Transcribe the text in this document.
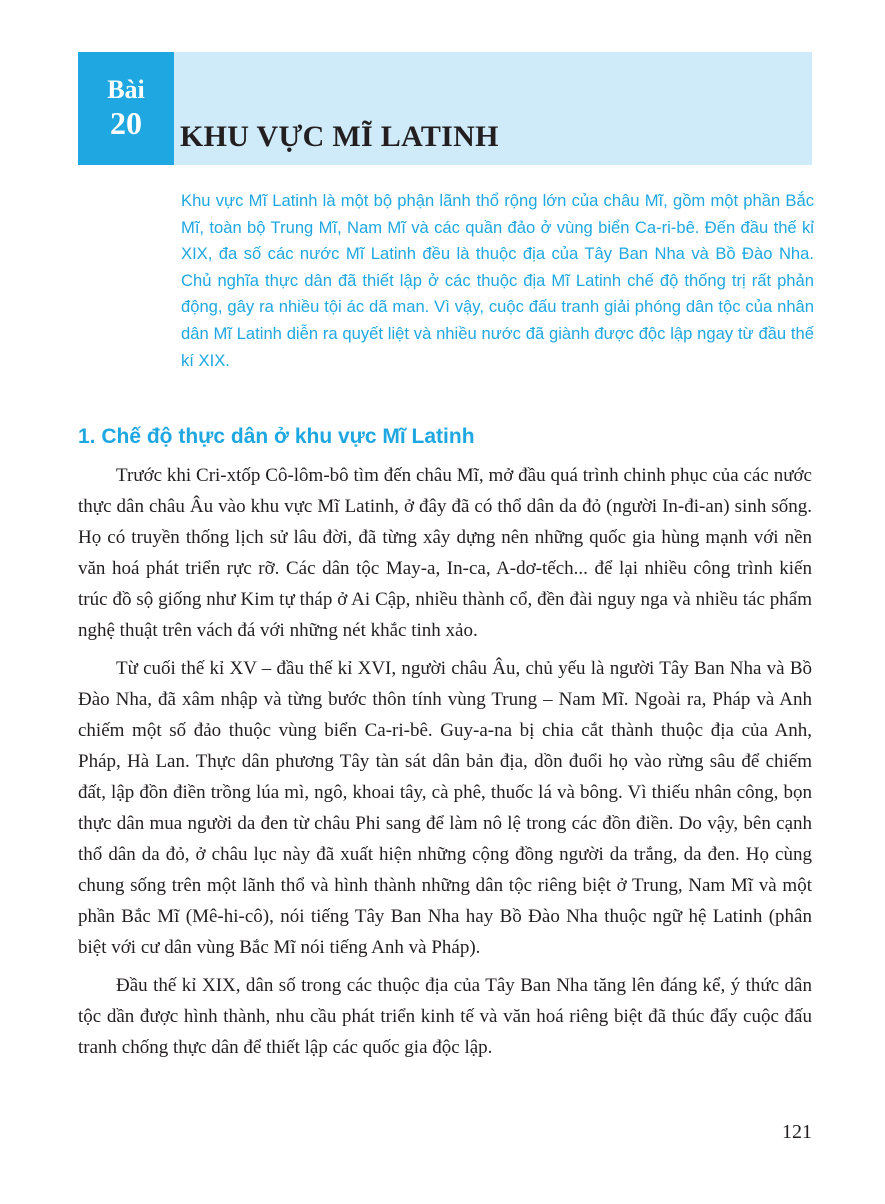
Bài
20	KHU VỰC MĨ LATINH

Khu vực Mĩ Latinh là một bộ phận lãnh thổ rộng lớn của châu Mĩ, gồm một phần Bắc Mĩ, toàn bộ Trung Mĩ, Nam Mĩ và các quần đảo ở vùng biển Ca-ri-bê. Đến đầu thế kỉ XIX, đa số các nước Mĩ Latinh đều là thuộc địa của Tây Ban Nha và Bồ Đào Nha. Chủ nghĩa thực dân đã thiết lập ở các thuộc địa Mĩ Latinh chế độ thống trị rất phản động, gây ra nhiều tội ác dã man. Vì vậy, cuộc đấu tranh giải phóng dân tộc của nhân dân Mĩ Latinh diễn ra quyết liệt và nhiều nước đã giành được độc lập ngay từ đầu thế kí XIX.

1. Chế độ thực dân ở khu vực Mĩ Latinh

Trước khi Cri-xtốp Cô-lôm-bô tìm đến châu Mĩ, mở đầu quá trình chinh phục của các nước thực dân châu Âu vào khu vực Mĩ Latinh, ở đây đã có thổ dân da đỏ (người In-đi-an) sinh sống. Họ có truyền thống lịch sử lâu đời, đã từng xây dựng nên những quốc gia hùng mạnh với nền văn hoá phát triển rực rỡ. Các dân tộc May-a, In-ca, A-dơ-tếch... để lại nhiều công trình kiến trúc đồ sộ giống như Kim tự tháp ở Ai Cập, nhiều thành cổ, đền đài nguy nga và nhiều tác phẩm nghệ thuật trên vách đá với những nét khắc tinh xảo.

Từ cuối thế kỉ XV – đầu thế kỉ XVI, người châu Âu, chủ yếu là người Tây Ban Nha và Bồ Đào Nha, đã xâm nhập và từng bước thôn tính vùng Trung – Nam Mĩ. Ngoài ra, Pháp và Anh chiếm một số đảo thuộc vùng biển Ca-ri-bê. Guy-a-na bị chia cắt thành thuộc địa của Anh, Pháp, Hà Lan. Thực dân phương Tây tàn sát dân bản địa, dồn đuổi họ vào rừng sâu để chiếm đất, lập đồn điền trồng lúa mì, ngô, khoai tây, cà phê, thuốc lá và bông. Vì thiếu nhân công, bọn thực dân mua người da đen từ châu Phi sang để làm nô lệ trong các đồn điền. Do vậy, bên cạnh thổ dân da đỏ, ở châu lục này đã xuất hiện những cộng đồng người da trắng, da đen. Họ cùng chung sống trên một lãnh thổ và hình thành những dân tộc riêng biệt ở Trung, Nam Mĩ và một phần Bắc Mĩ (Mê-hi-cô), nói tiếng Tây Ban Nha hay Bồ Đào Nha thuộc ngữ hệ Latinh (phân biệt với cư dân vùng Bắc Mĩ nói tiếng Anh và Pháp).

Đầu thế kỉ XIX, dân số trong các thuộc địa của Tây Ban Nha tăng lên đáng kể, ý thức dân tộc dần được hình thành, nhu cầu phát triển kinh tế và văn hoá riêng biệt đã thúc đẩy cuộc đấu tranh chống thực dân để thiết lập các quốc gia độc lập.

121
